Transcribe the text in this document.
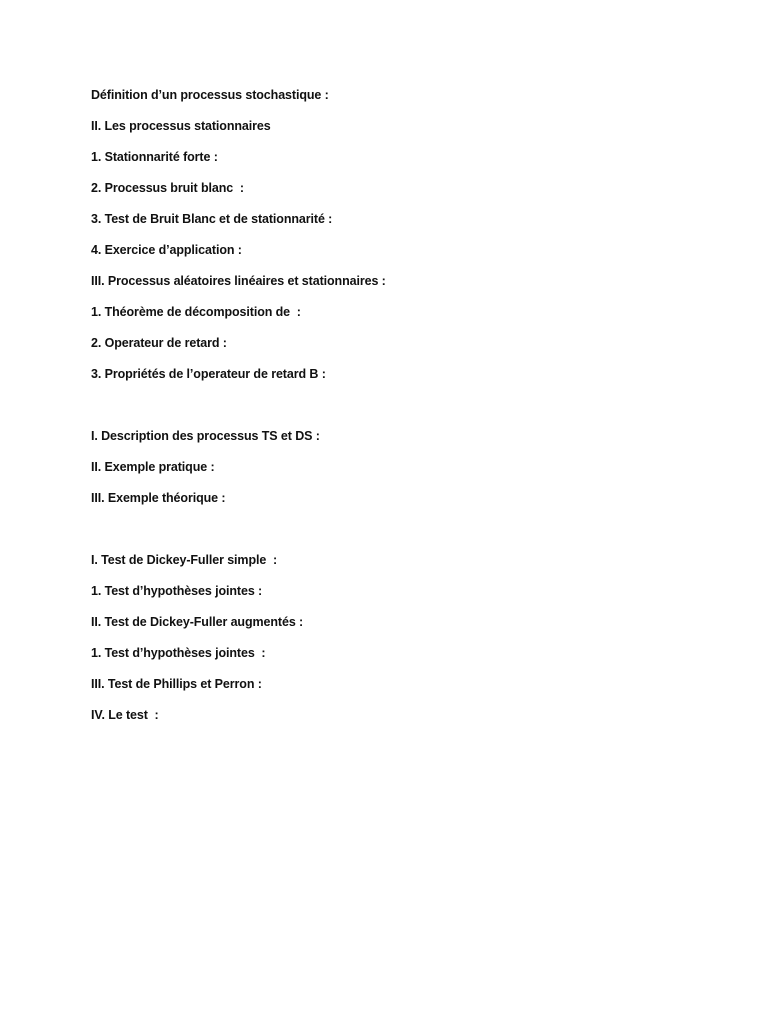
Définition d’un processus stochastique :
II. Les processus stationnaires
1. Stationnarité forte :
2. Processus bruit blanc  :
3. Test de Bruit Blanc et de stationnarité :
4. Exercice d’application :
III. Processus aléatoires linéaires et stationnaires :
1. Théorème de décomposition de  :
2. Operateur de retard :
3. Propriétés de l’operateur de retard B :
I. Description des processus TS et DS :
II. Exemple pratique :
III. Exemple théorique :
I. Test de Dickey-Fuller simple  :
1. Test d’hypothèses jointes :
II. Test de Dickey-Fuller augmentés :
1. Test d’hypothèses jointes  :
III. Test de Phillips et Perron :
IV. Le test  :
